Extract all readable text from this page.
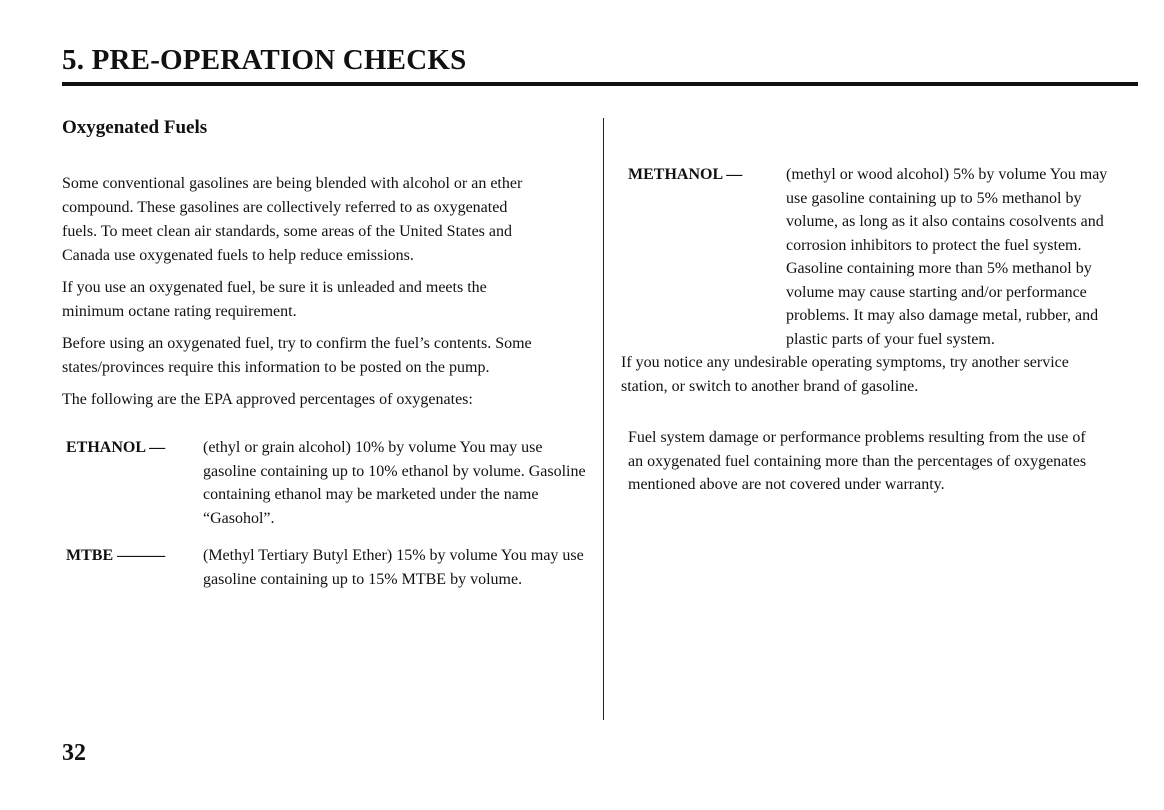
5. PRE-OPERATION CHECKS
Oxygenated Fuels

Some conventional gasolines are being blended with alcohol or an ether compound. These gasolines are collectively referred to as oxygenated fuels. To meet clean air standards, some areas of the United States and Canada use oxygenated fuels to help reduce emissions.

If you use an oxygenated fuel, be sure it is unleaded and meets the minimum octane rating requirement.

Before using an oxygenated fuel, try to confirm the fuel’s contents. Some states/provinces require this information to be posted on the pump.

The following are the EPA approved percentages of oxygenates:

ETHANOL —	(ethyl or grain alcohol) 10% by volume You may use gasoline containing up to 10% ethanol by volume. Gasoline containing ethanol may be marketed under the name “Gasohol”.
MTBE ———	(Methyl Tertiary Butyl Ether) 15% by volume You may use gasoline containing up to 15% MTBE by volume.
METHANOL —	(methyl or wood alcohol) 5% by volume You may use gasoline containing up to 5% methanol by volume, as long as it also contains cosolvents and corrosion inhibitors to protect the fuel system. Gasoline containing more than 5% methanol by volume may cause starting and/or performance problems. It may also damage metal, rubber, and plastic parts of your fuel system.

If you notice any undesirable operating symptoms, try another service station, or switch to another brand of gasoline.

Fuel system damage or performance problems resulting from the use of an oxygenated fuel containing more than the percentages of oxygenates mentioned above are not covered under warranty.

32
